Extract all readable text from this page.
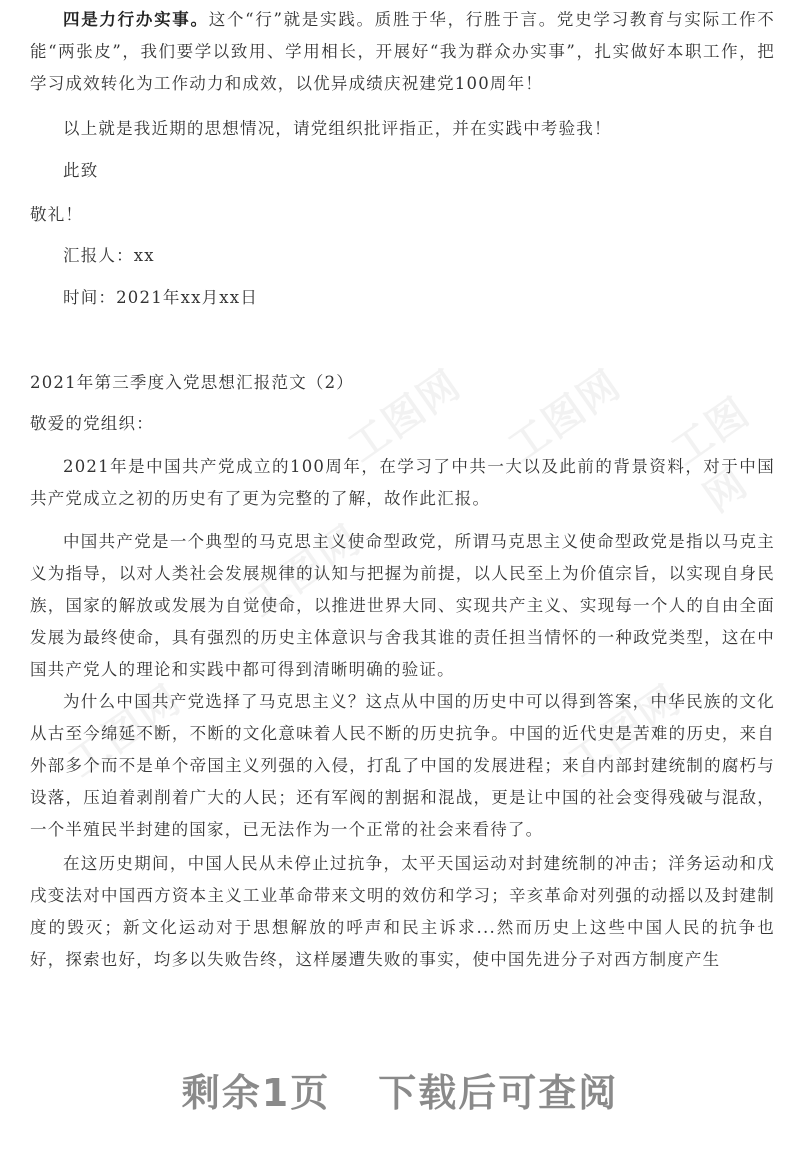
工图网 工图网 工图网
工图网
工图网	工图网

四是力行办实事。这个“行”就是实践。质胜于华，行胜于言。党史学习教育与实际工作不能“两张皮”，我们要学以致用、学用相长，开展好“我为群众办实事”，扎实做好本职工作，把学习成效转化为工作动力和成效，以优异成绩庆祝建党100周年！

以上就是我近期的思想情况，请党组织批评指正，并在实践中考验我！

此致

敬礼！

汇报人：xx

时间：2021年xx月xx日

2021年第三季度入党思想汇报范文（2）

敬爱的党组织：

2021年是中国共产党成立的100周年，在学习了中共一大以及此前的背景资料，对于中国共产党成立之初的历史有了更为完整的了解，故作此汇报。

中国共产党是一个典型的马克思主义使命型政党，所谓马克思主义使命型政党是指以马克主义为指导，以对人类社会发展规律的认知与把握为前提，以人民至上为价值宗旨，以实现自身民族，国家的解放或发展为自觉使命，以推进世界大同、实现共产主义、实现每一个人的自由全面发展为最终使命，具有强烈的历史主体意识与舍我其谁的责任担当情怀的一种政党类型，这在中国共产党人的理论和实践中都可得到清晰明确的验证。

为什么中国共产党选择了马克思主义？这点从中国的历史中可以得到答案，中华民族的文化从古至今绵延不断，不断的文化意味着人民不断的历史抗争。中国的近代史是苦难的历史，来自外部多个而不是单个帝国主义列强的入侵，打乱了中国的发展进程；来自内部封建统制的腐朽与设落，压迫着剥削着广大的人民；还有军阀的割据和混战，更是让中国的社会变得残破与混敌，一个半殖民半封建的国家，已无法作为一个正常的社会来看待了。

在这历史期间，中国人民从未停止过抗争，太平天国运动对封建统制的冲击；洋务运动和戊戌变法对中国西方资本主义工业革命带来文明的效仿和学习；辛亥革命对列强的动摇以及封建制度的毁灭；新文化运动对于思想解放的呼声和民主诉求...然而历史上这些中国人民的抗争也好，探索也好，均多以失败告终，这样屡遭失败的事实，使中国先进分子对西方制度产生

剩余1页 下载后可查阅
